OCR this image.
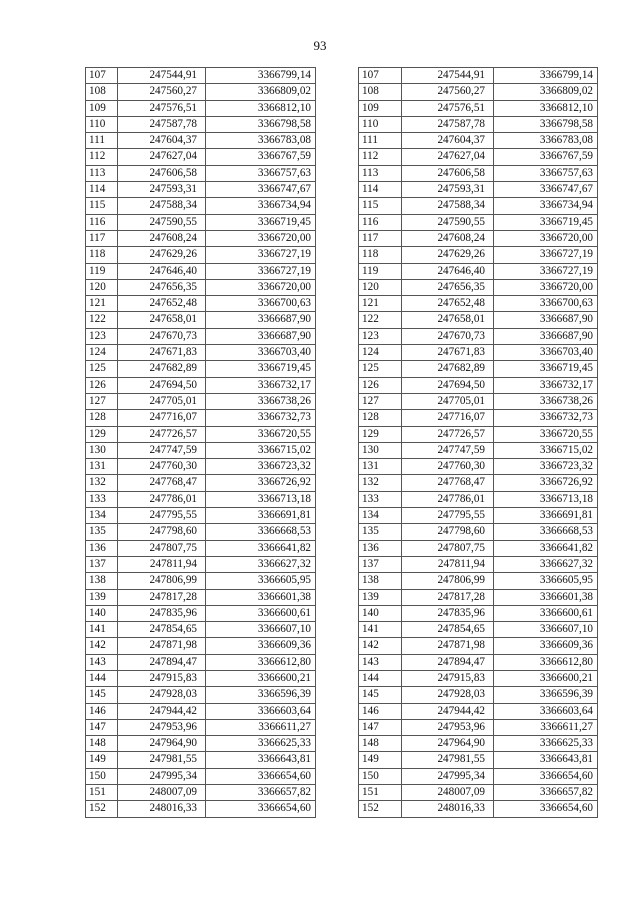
93
107	247544,91	3366799,14
108	247560,27	3366809,02
109	247576,51	3366812,10
110	247587,78	3366798,58
111	247604,37	3366783,08
112	247627,04	3366767,59
113	247606,58	3366757,63
114	247593,31	3366747,67
115	247588,34	3366734,94
116	247590,55	3366719,45
117	247608,24	3366720,00
118	247629,26	3366727,19
119	247646,40	3366727,19
120	247656,35	3366720,00
121	247652,48	3366700,63
122	247658,01	3366687,90
123	247670,73	3366687,90
124	247671,83	3366703,40
125	247682,89	3366719,45
126	247694,50	3366732,17
127	247705,01	3366738,26
128	247716,07	3366732,73
129	247726,57	3366720,55
130	247747,59	3366715,02
131	247760,30	3366723,32
132	247768,47	3366726,92
133	247786,01	3366713,18
134	247795,55	3366691,81
135	247798,60	3366668,53
136	247807,75	3366641,82
137	247811,94	3366627,32
138	247806,99	3366605,95
139	247817,28	3366601,38
140	247835,96	3366600,61
141	247854,65	3366607,10
142	247871,98	3366609,36
143	247894,47	3366612,80
144	247915,83	3366600,21
145	247928,03	3366596,39
146	247944,42	3366603,64
147	247953,96	3366611,27
148	247964,90	3366625,33
149	247981,55	3366643,81
150	247995,34	3366654,60
151	248007,09	3366657,82
152	248016,33	3366654,60
107	247544,91	3366799,14
108	247560,27	3366809,02
109	247576,51	3366812,10
110	247587,78	3366798,58
111	247604,37	3366783,08
112	247627,04	3366767,59
113	247606,58	3366757,63
114	247593,31	3366747,67
115	247588,34	3366734,94
116	247590,55	3366719,45
117	247608,24	3366720,00
118	247629,26	3366727,19
119	247646,40	3366727,19
120	247656,35	3366720,00
121	247652,48	3366700,63
122	247658,01	3366687,90
123	247670,73	3366687,90
124	247671,83	3366703,40
125	247682,89	3366719,45
126	247694,50	3366732,17
127	247705,01	3366738,26
128	247716,07	3366732,73
129	247726,57	3366720,55
130	247747,59	3366715,02
131	247760,30	3366723,32
132	247768,47	3366726,92
133	247786,01	3366713,18
134	247795,55	3366691,81
135	247798,60	3366668,53
136	247807,75	3366641,82
137	247811,94	3366627,32
138	247806,99	3366605,95
139	247817,28	3366601,38
140	247835,96	3366600,61
141	247854,65	3366607,10
142	247871,98	3366609,36
143	247894,47	3366612,80
144	247915,83	3366600,21
145	247928,03	3366596,39
146	247944,42	3366603,64
147	247953,96	3366611,27
148	247964,90	3366625,33
149	247981,55	3366643,81
150	247995,34	3366654,60
151	248007,09	3366657,82
152	248016,33	3366654,60
